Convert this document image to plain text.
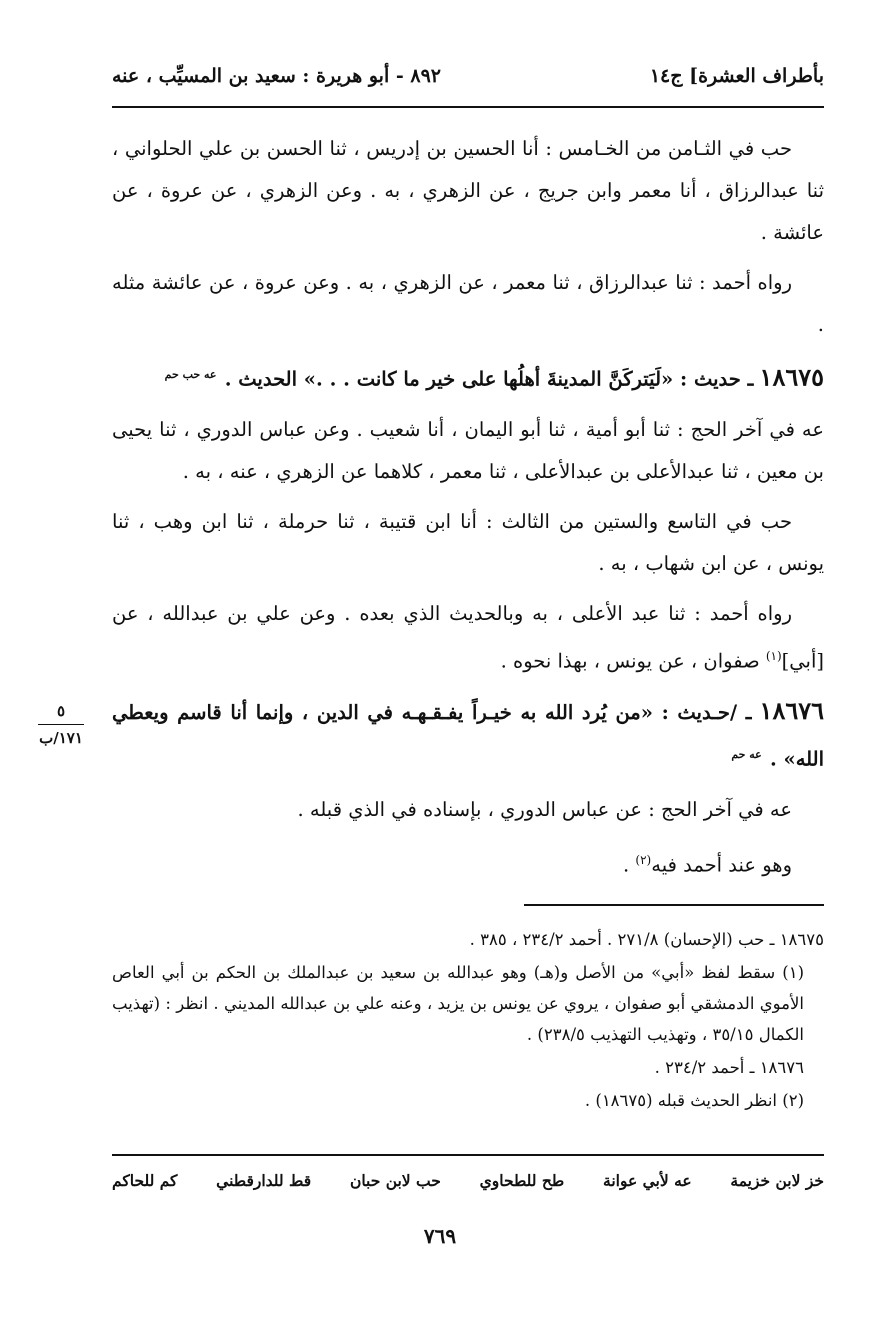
بأطراف العشرة] ج١٤
٨٩٢ - أبو هريرة : سعيد بن المسيِّب ، عنه

حب في الثـامن من الخـامس : أنا الحسين بن إدريس ، ثنا الحسن بن علي الحلواني ، ثنا عبدالرزاق ، أنا معمر وابن جريج ، عن الزهري ، به . وعن الزهري ، عن عروة ، عن عائشة .

رواه أحمد : ثنا عبدالرزاق ، ثنا معمر ، عن الزهري ، به . وعن عروة ، عن عائشة مثله .

١٨٦٧٥ ـ حديث : «لَيَتركَنَّ المدينةَ أهلُها على خير ما كانت . . .» الحديث . $^{عه حب حم}$

عه في آخر الحج : ثنا أبو أمية ، ثنا أبو اليمان ، أنا شعيب . وعن عباس الدوري ، ثنا يحيى بن معين ، ثنا عبدالأعلى بن عبدالأعلى ، ثنا معمر ، كلاهما عن الزهري ، عنه ، به .

حب في التاسع والستين من الثالث : أنا ابن قتيبة ، ثنا حرملة ، ثنا ابن وهب ، ثنا يونس ، عن ابن شهاب ، به .

رواه أحمد : ثنا عبد الأعلى ، به وبالحديث الذي بعده . وعن علي بن عبدالله ، عن [أبي]$^{(١)}$ صفوان ، عن يونس ، بهذا نحوه .

١٨٦٧٦ ـ /حـديث : «من يُرد الله به خيـراً يفـقـهـه في الدين ، وإنما أنا قاسم ويعطي الله» . $^{عه حم}$

عه في آخر الحج : عن عباس الدوري ، بإسناده في الذي قبله .

وهو عند أحمد فيه$^{(٢)}$ .

٥
١٧١/ب

١٨٦٧٥ ـ حب (الإحسان) ٢٧١/٨ . أحمد ٢٣٤/٢ ، ٣٨٥ .

(١) سقط لفظ «أبي» من الأصل و(هـ) وهو عبدالله بن سعيد بن عبدالملك بن الحكم بن أبي العاص الأموي الدمشقي أبو صفوان ، يروي عن يونس بن يزيد ، وعنه علي بن عبدالله المديني . انظر : (تهذيب الكمال ٣٥/١٥ ، وتهذيب التهذيب ٢٣٨/٥) .

١٨٦٧٦ ـ أحمد ٢٣٤/٢ .

(٢) انظر الحديث قبله (١٨٦٧٥) .

خز لابن خزيمة
عه لأبي عوانة
طح للطحاوي
حب لابن حبان
قط للدارقطني
كم للحاكم
٧٦٩
